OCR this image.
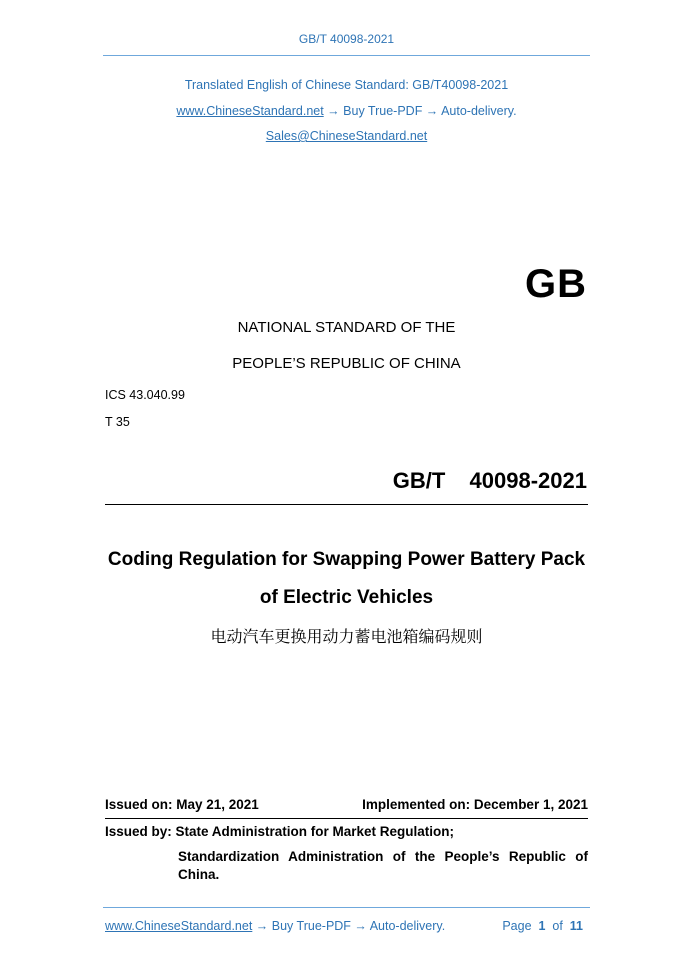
GB/T 40098-2021
Translated English of Chinese Standard: GB/T40098-2021
www.ChineseStandard.net → Buy True-PDF → Auto-delivery.
Sales@ChineseStandard.net
GB
NATIONAL STANDARD OF THE
PEOPLE’S REPUBLIC OF CHINA
ICS 43.040.99
T 35
GB/T  40098-2021
Coding Regulation for Swapping Power Battery Pack
of Electric Vehicles
电动汽车更换用动力蓄电池箱编码规则
Issued on: May 21, 2021	Implemented on: December 1, 2021
Issued by: State Administration for Market Regulation;
Standardization Administration of the People’s Republic of
China.
www.ChineseStandard.net → Buy True-PDF → Auto-delivery.	Page 1 of 11
